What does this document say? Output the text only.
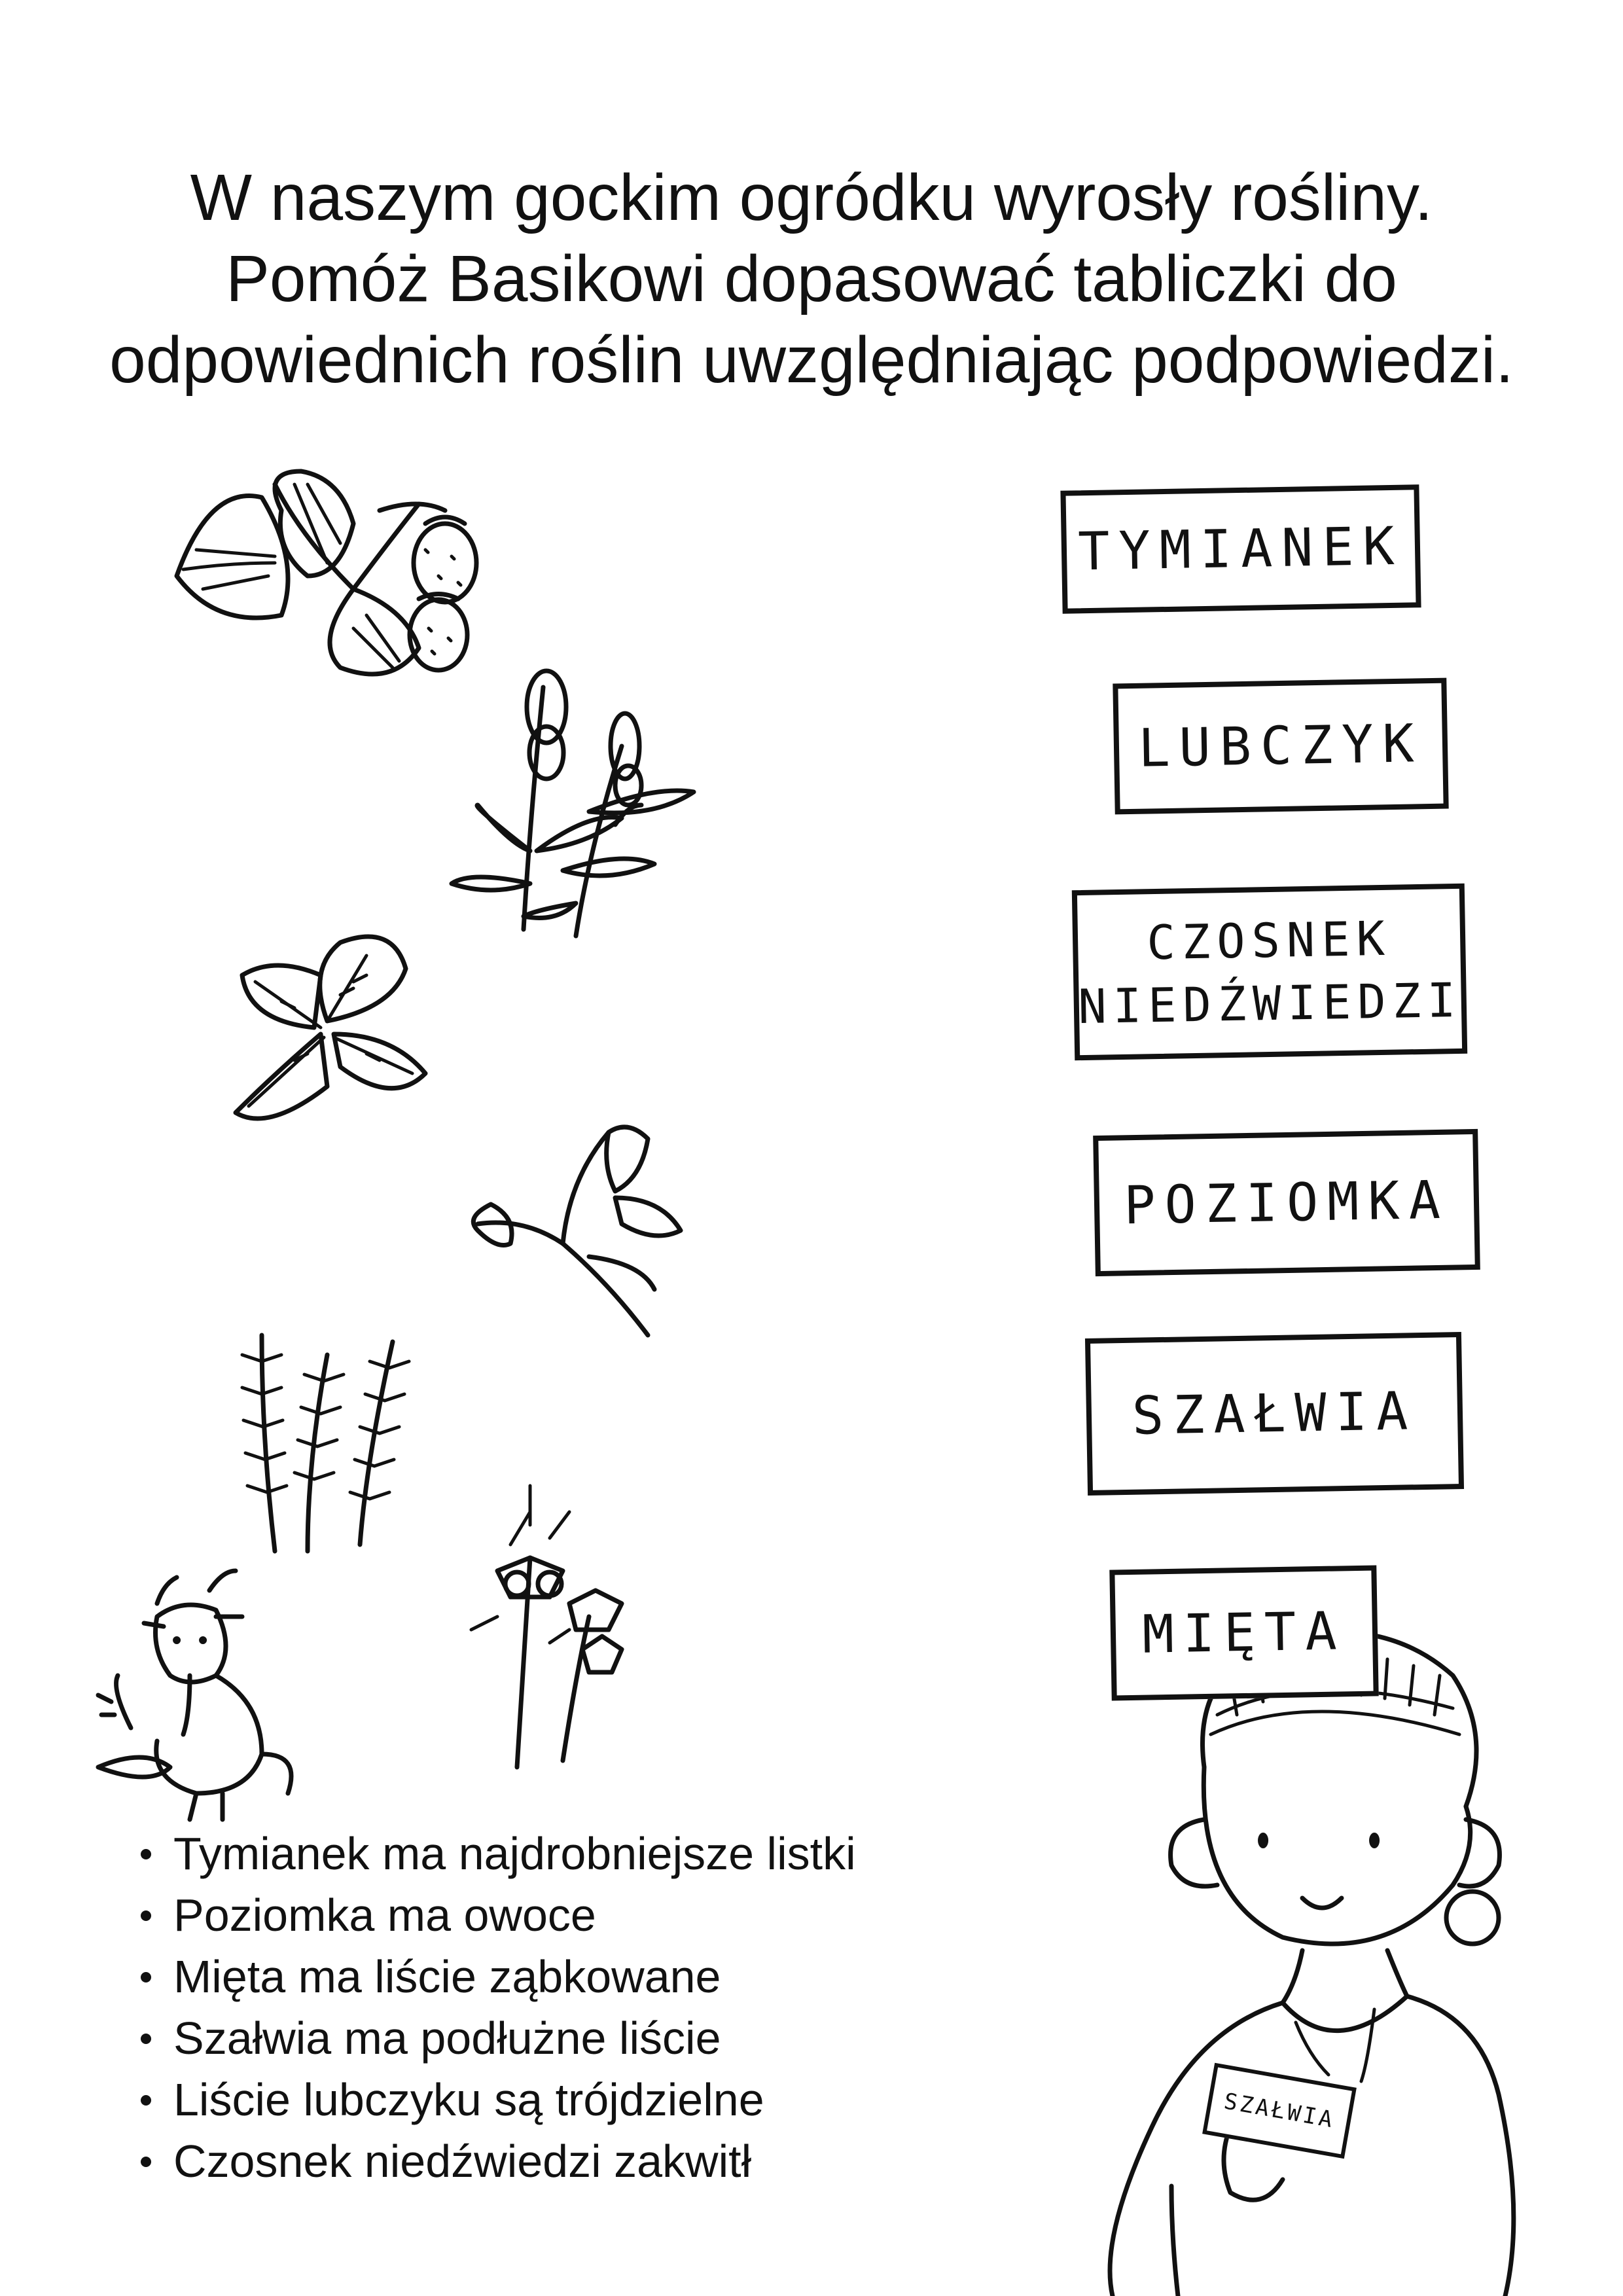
W naszym gockim ogródku wyrosły rośliny.
Pomóż Basikowi dopasować tabliczki do
odpowiednich roślin uwzględniając podpowiedzi.
TYMIANEK
LUBCZYK
CZOSNEK
NIEDŹWIEDZI
POZIOMKA
SZAŁWIA
MIĘTA
Tymianek ma najdrobniejsze listki
Poziomka ma owoce
Mięta ma liście ząbkowane
Szałwia ma podłużne liście
Liście lubczyku są trójdzielne
Czosnek niedźwiedzi zakwitł
SZAŁWIA
